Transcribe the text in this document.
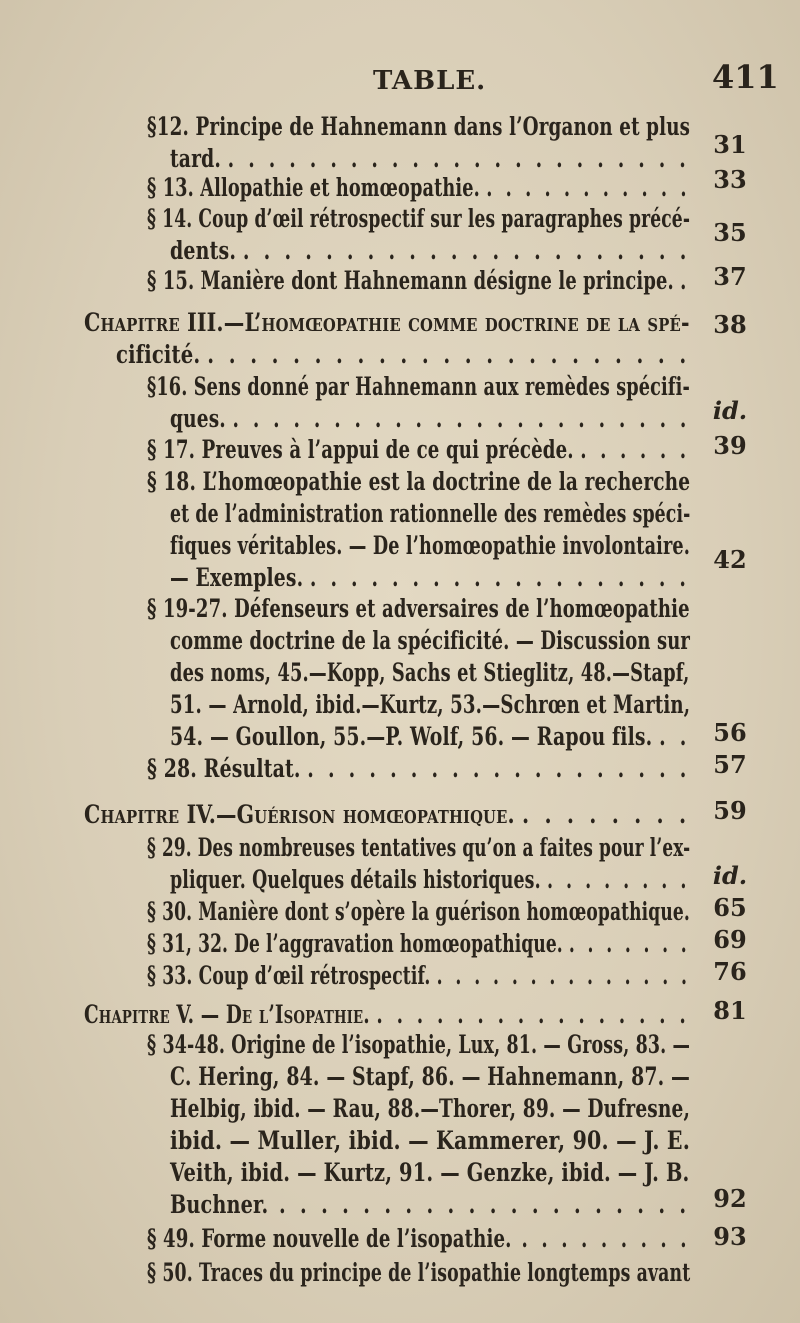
TABLE.	411
§12. Principe de Hahnemann dans l’Organon et plus
tard. . . . . . . . . . . . . . . . . . . . . . . . 31
§ 13. Allopathie et homœopathie. . . . . . . . . . . . 33
§ 14. Coup d’œil rétrospectif sur les paragraphes précé-
dents. . . . . . . . . . . . . . . . . . . . . . .
35
§ 15. Manière dont Hahnemann désigne le principe. . 37
Chapitre III.—L’homœopathie comme doctrine de la spé-
cificité. . . . . . . . . . . . . . . . . . . . . . . .
38
§16. Sens donné par Hahnemann aux remèdes spécifi-
ques. . . . . . . . . . . . . . . . . . . . . . . . id.
§ 17. Preuves à l’appui de ce qui précède. . . . . . . 39
§ 18. L’homœopathie est la doctrine de la recherche
et de l’administration rationnelle des remèdes spéci-
fiques véritables. — De l’homœopathie involontaire.
— Exemples. . . . . . . . . . . . . . . . . . . .
42
§ 19-27. Défenseurs et adversaires de l’homœopathie
comme doctrine de la spécificité. — Discussion sur
des noms, 45.—Kopp, Sachs et Stieglitz, 48.—Stapf,
51. — Arnold, ibid.—Kurtz, 53.—Schrœn et Martin,
54. — Goullon, 55.—P. Wolf, 56. — Rapou fils. . . 56
§ 28. Résultat. . . . . . . . . . . . . . . . . . . . 57
Chapitre IV.—Guérison homœopathique. . . . . . . . . 59
§ 29. Des nombreuses tentatives qu’on a faites pour l’ex-
pliquer. Quelques détails historiques. . . . . . . . . id.
§ 30. Manière dont s’opère la guérison homœopathique. 65
§ 31, 32. De l’aggravation homœopathique. . . . . . . . 69
§ 33. Coup d’œil rétrospectif. . . . . . . . . . . . . . . 76
Chapitre V. — De l’Isopathie. . . . . . . . . . . . . . . . . 81
§ 34-48. Origine de l’isopathie, Lux, 81. — Gross, 83. —
C. Hering, 84. — Stapf, 86. — Hahnemann, 87. —
Helbig, ibid. — Rau, 88.—Thorer, 89. — Dufresne,
ibid. — Muller, ibid. — Kammerer, 90. — J. E.
Veith, ibid. — Kurtz, 91. — Genzke, ibid. — J. B.
Buchner. . . . . . . . . . . . . . . . . . . . . 92
§ 49. Forme nouvelle de l’isopathie. . . . . . . . . . 93
§ 50. Traces du principe de l’isopathie longtemps avant
